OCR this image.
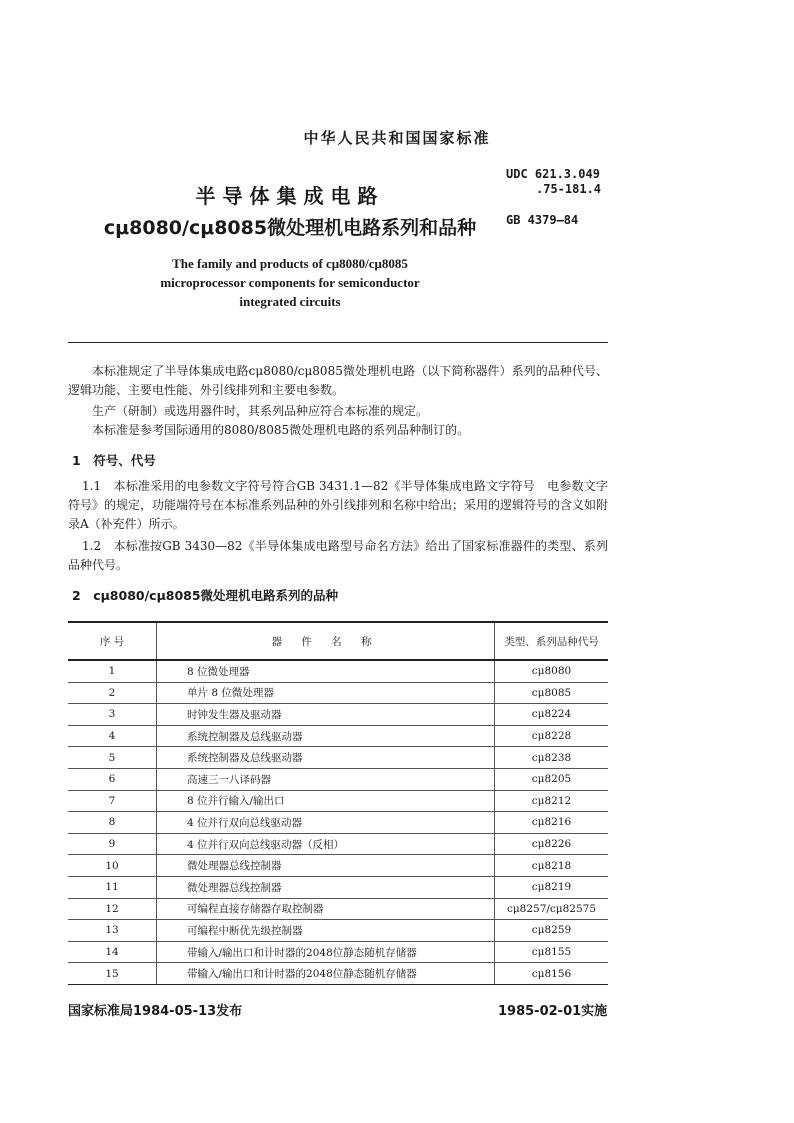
中华人民共和国国家标准
半导体集成电路
cμ8080/cμ8085微处理机电路系列和品种
UDC 621.3.049
.75-181.4
GB 4379—84
The family and products of cμ8080/cμ8085
microprocessor components for semiconductor
integrated circuits
本标准规定了半导体集成电路cμ8080/cμ8085微处理机电路（以下简称器件）系列的品种代号、逻辑功能、主要电性能、外引线排列和主要电参数。
生产（研制）或选用器件时，其系列品种应符合本标准的规定。
本标准是参考国际通用的8080/8085微处理机电路的系列品种制订的。
1　符号、代号
1.1　本标准采用的电参数文字符号符合GB 3431.1—82《半导体集成电路文字符号　电参数文字符号》的规定，功能端符号在本标准系列品种的外引线排列和名称中给出；采用的逻辑符号的含义如附录A（补充件）所示。
1.2　本标准按GB 3430—82《半导体集成电路型号命名方法》给出了国家标准器件的类型、系列品种代号。
2　cμ8080/cμ8085微处理机电路系列的品种
序 号	器 件 名 称	类型、系列品种代号
1	8 位微处理器	cμ8080
2	单片 8 位微处理器	cμ8085
3	时钟发生器及驱动器	cμ8224
4	系统控制器及总线驱动器	cμ8228
5	系统控制器及总线驱动器	cμ8238
6	高速三一八译码器	cμ8205
7	8 位并行输入/输出口	cμ8212
8	4 位并行双向总线驱动器	cμ8216
9	4 位并行双向总线驱动器（反相）	cμ8226
10	微处理器总线控制器	cμ8218
11	微处理器总线控制器	cμ8219
12	可编程直接存储器存取控制器	cμ8257/cμ82575
13	可编程中断优先级控制器	cμ8259
14	带输入/输出口和计时器的2048位静态随机存储器	cμ8155
15	带输入/输出口和计时器的2048位静态随机存储器	cμ8156
国家标准局1984-05-13发布	1985-02-01实施
